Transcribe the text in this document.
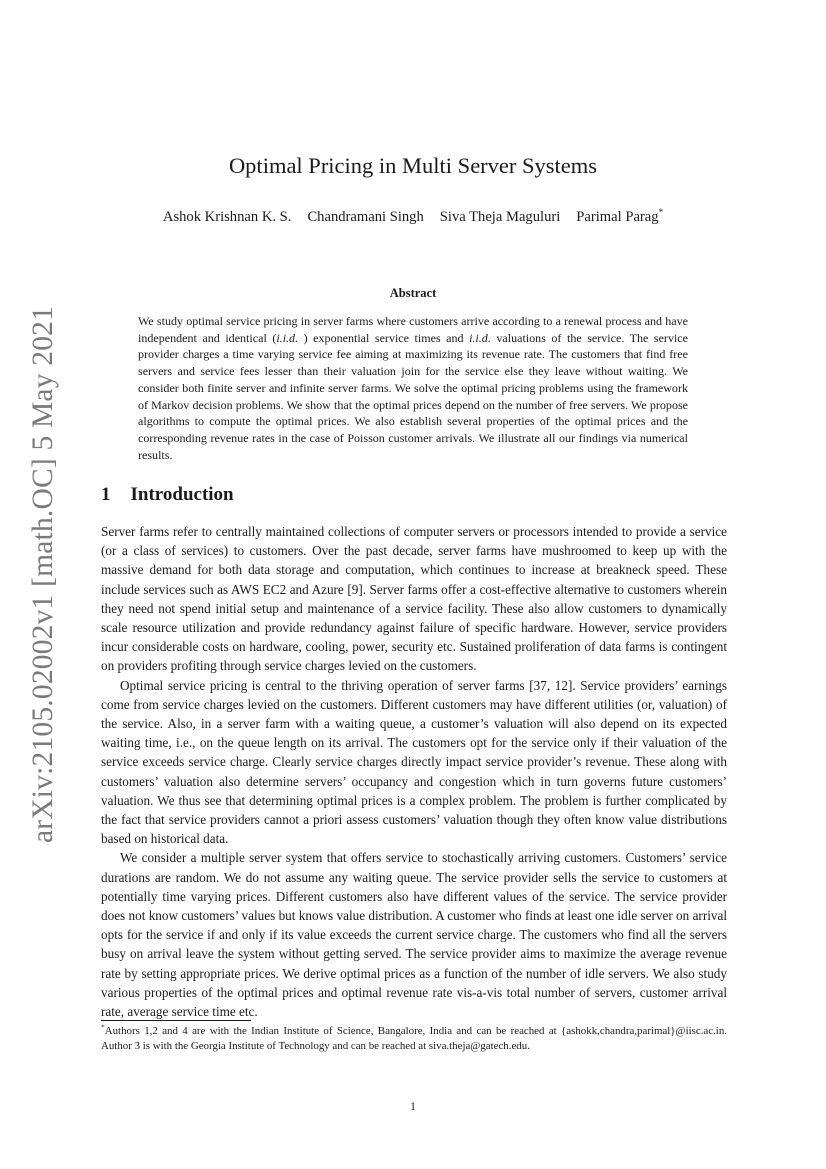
arXiv:2105.02002v1 [math.OC] 5 May 2021
Optimal Pricing in Multi Server Systems
Ashok Krishnan K. S. Chandramani Singh Siva Theja Maguluri Parimal Parag*
Abstract

We study optimal service pricing in server farms where customers arrive according to a renewal process and have independent and identical (i.i.d. ) exponential service times and i.i.d. valuations of the service. The service provider charges a time varying service fee aiming at maximizing its revenue rate. The customers that find free servers and service fees lesser than their valuation join for the service else they leave without waiting. We consider both finite server and infinite server farms. We solve the optimal pricing problems using the framework of Markov decision problems. We show that the optimal prices depend on the number of free servers. We propose algorithms to compute the optimal prices. We also establish several properties of the optimal prices and the corresponding revenue rates in the case of Poisson customer arrivals. We illustrate all our findings via numerical results.

1 Introduction

Server farms refer to centrally maintained collections of computer servers or processors intended to provide a service (or a class of services) to customers. Over the past decade, server farms have mushroomed to keep up with the massive demand for both data storage and computation, which continues to increase at breakneck speed. These include services such as AWS EC2 and Azure [9]. Server farms offer a cost-effective alternative to customers wherein they need not spend initial setup and maintenance of a service facility. These also allow customers to dynamically scale resource utilization and provide redundancy against failure of specific hardware. However, service providers incur considerable costs on hardware, cooling, power, security etc. Sustained proliferation of data farms is contingent on providers profiting through service charges levied on the customers.

Optimal service pricing is central to the thriving operation of server farms [37, 12]. Service providers’ earnings come from service charges levied on the customers. Different customers may have different utilities (or, valuation) of the service. Also, in a server farm with a waiting queue, a customer’s valuation will also depend on its expected waiting time, i.e., on the queue length on its arrival. The customers opt for the service only if their valuation of the service exceeds service charge. Clearly service charges directly impact service provider’s revenue. These along with customers’ valuation also determine servers’ occupancy and congestion which in turn governs future customers’ valuation. We thus see that determining optimal prices is a complex problem. The problem is further complicated by the fact that service providers cannot a priori assess customers’ valuation though they often know value distributions based on historical data.

We consider a multiple server system that offers service to stochastically arriving customers. Customers’ service durations are random. We do not assume any waiting queue. The service provider sells the service to customers at potentially time varying prices. Different customers also have different values of the service. The service provider does not know customers’ values but knows value distribution. A customer who finds at least one idle server on arrival opts for the service if and only if its value exceeds the current service charge. The customers who find all the servers busy on arrival leave the system without getting served. The service provider aims to maximize the average revenue rate by setting appropriate prices. We derive optimal prices as a function of the number of idle servers. We also study various properties of the optimal prices and optimal revenue rate vis-a-vis total number of servers, customer arrival rate, average service time etc.

*Authors 1,2 and 4 are with the Indian Institute of Science, Bangalore, India and can be reached at {ashokk,chandra,parimal}@iisc.ac.in. Author 3 is with the Georgia Institute of Technology and can be reached at siva.theja@gatech.edu.

1
